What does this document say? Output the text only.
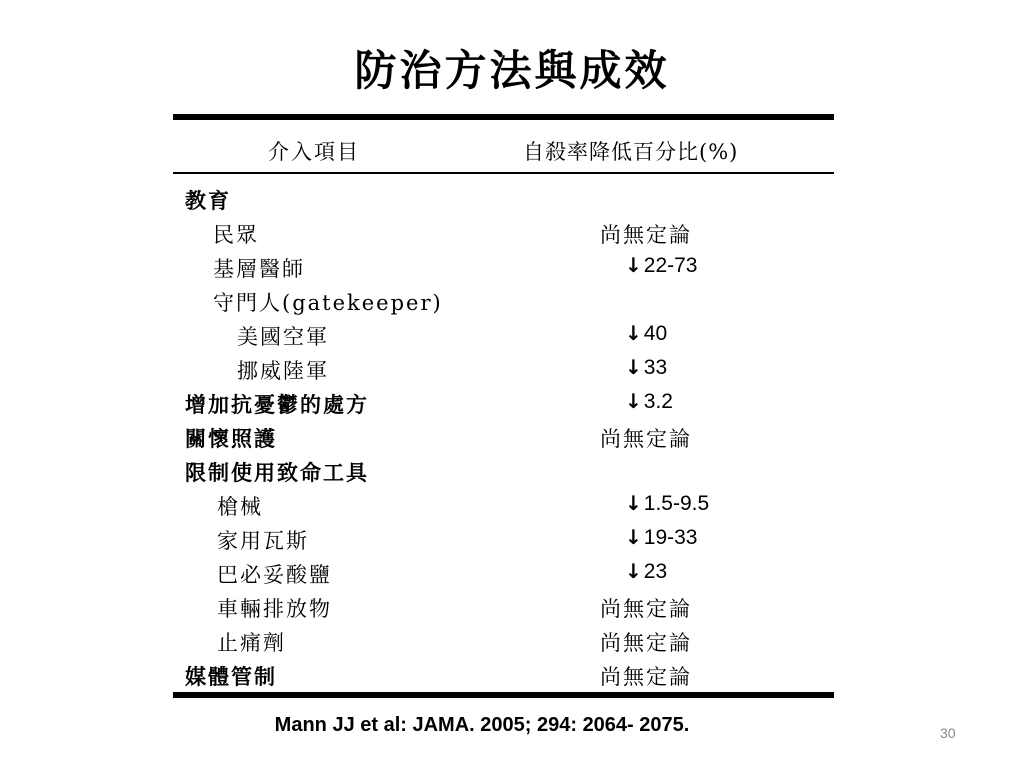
防治方法與成效
介入項目	自殺率降低百分比(%)
教育
民眾	尚無定論
基層醫師	↓22-73
守門人(gatekeeper)
美國空軍	↓40
挪威陸軍	↓33
增加抗憂鬱的處方	↓3.2
關懷照護	尚無定論
限制使用致命工具
槍械	↓1.5-9.5
家用瓦斯	↓19-33
巴必妥酸鹽	↓23
車輛排放物	尚無定論
止痛劑	尚無定論
媒體管制	尚無定論
Mann JJ et al: JAMA. 2005; 294: 2064- 2075.	30
